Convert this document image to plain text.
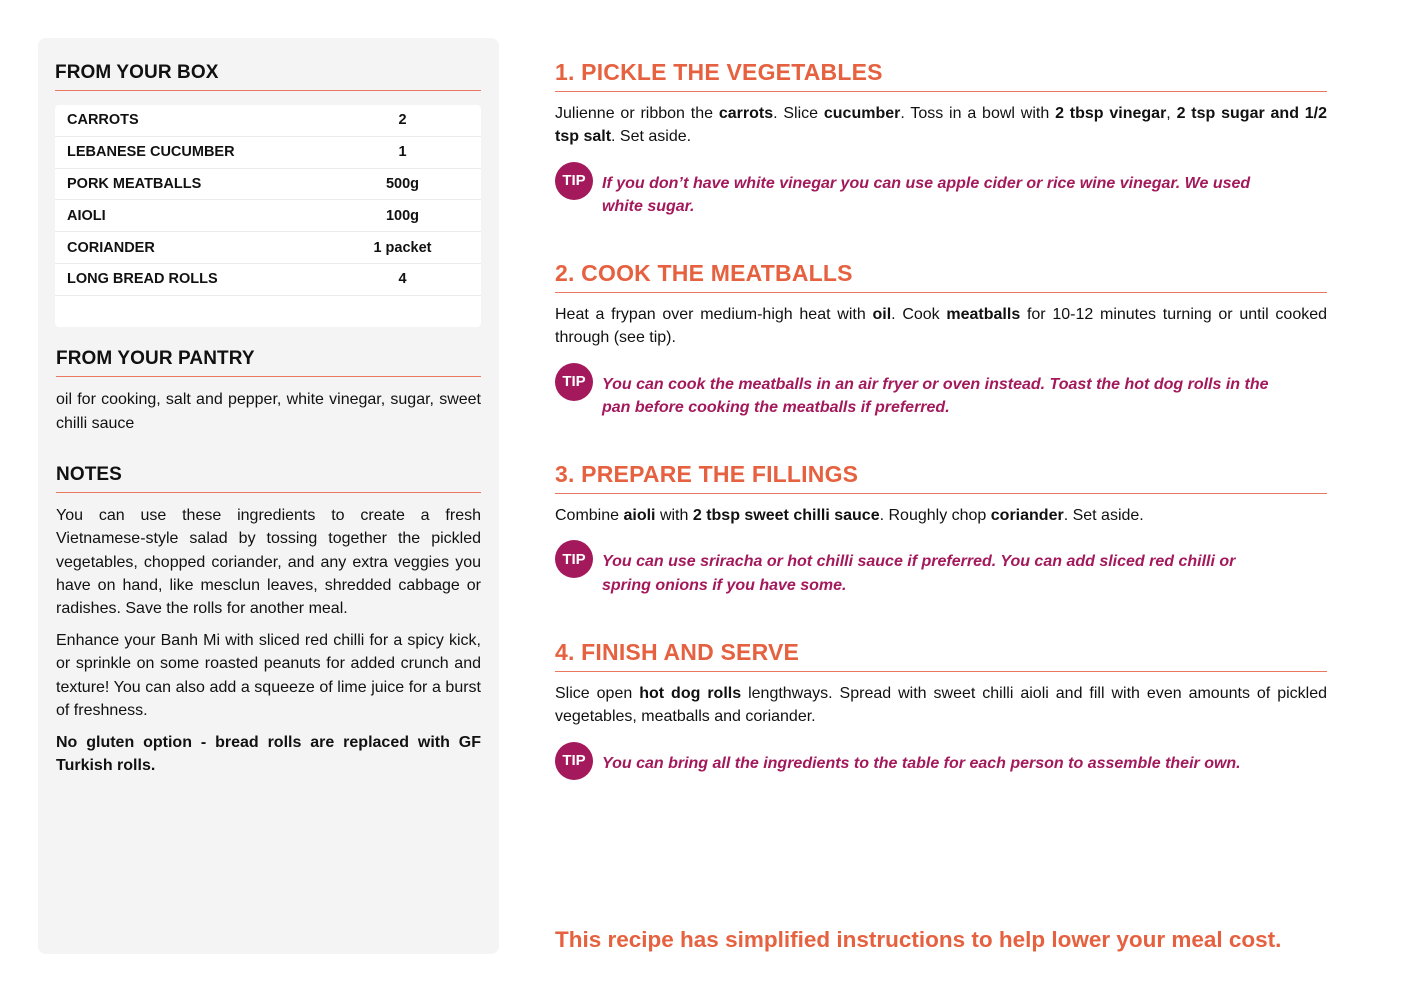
FROM YOUR BOX
CARROTS	2
LEBANESE CUCUMBER	1
PORK MEATBALLS	500g
AIOLI	100g
CORIANDER	1 packet
LONG BREAD ROLLS	4
FROM YOUR PANTRY
oil for cooking, salt and pepper, white vinegar, sugar, sweet chilli sauce
NOTES

You can use these ingredients to create a fresh Vietnamese-style salad by tossing together the pickled vegetables, chopped coriander, and any extra veggies you have on hand, like mesclun leaves, shredded cabbage or radishes. Save the rolls for another meal.

Enhance your Banh Mi with sliced red chilli for a spicy kick, or sprinkle on some roasted peanuts for added crunch and texture! You can also add a squeeze of lime juice for a burst of freshness.

No gluten option - bread rolls are replaced with GF Turkish rolls.

1. PICKLE THE VEGETABLES
Julienne or ribbon the carrots. Slice cucumber. Toss in a bowl with 2 tbsp vinegar, 2 tsp sugar and 1/2 tsp salt. Set aside.
TIP	If you don’t have white vinegar you can use apple cider or rice wine vinegar. We used white sugar.
2. COOK THE MEATBALLS
Heat a frypan over medium-high heat with oil. Cook meatballs for 10-12 minutes turning or until cooked through (see tip).
TIP	You can cook the meatballs in an air fryer or oven instead. Toast the hot dog rolls in the pan before cooking the meatballs if preferred.
3. PREPARE THE FILLINGS
Combine aioli with 2 tbsp sweet chilli sauce. Roughly chop coriander. Set aside.
TIP	You can use sriracha or hot chilli sauce if preferred. You can add sliced red chilli or spring onions if you have some.
4. FINISH AND SERVE
Slice open hot dog rolls lengthways. Spread with sweet chilli aioli and fill with even amounts of pickled vegetables, meatballs and coriander.
TIP	You can bring all the ingredients to the table for each person to assemble their own.
This recipe has simplified instructions to help lower your meal cost.
